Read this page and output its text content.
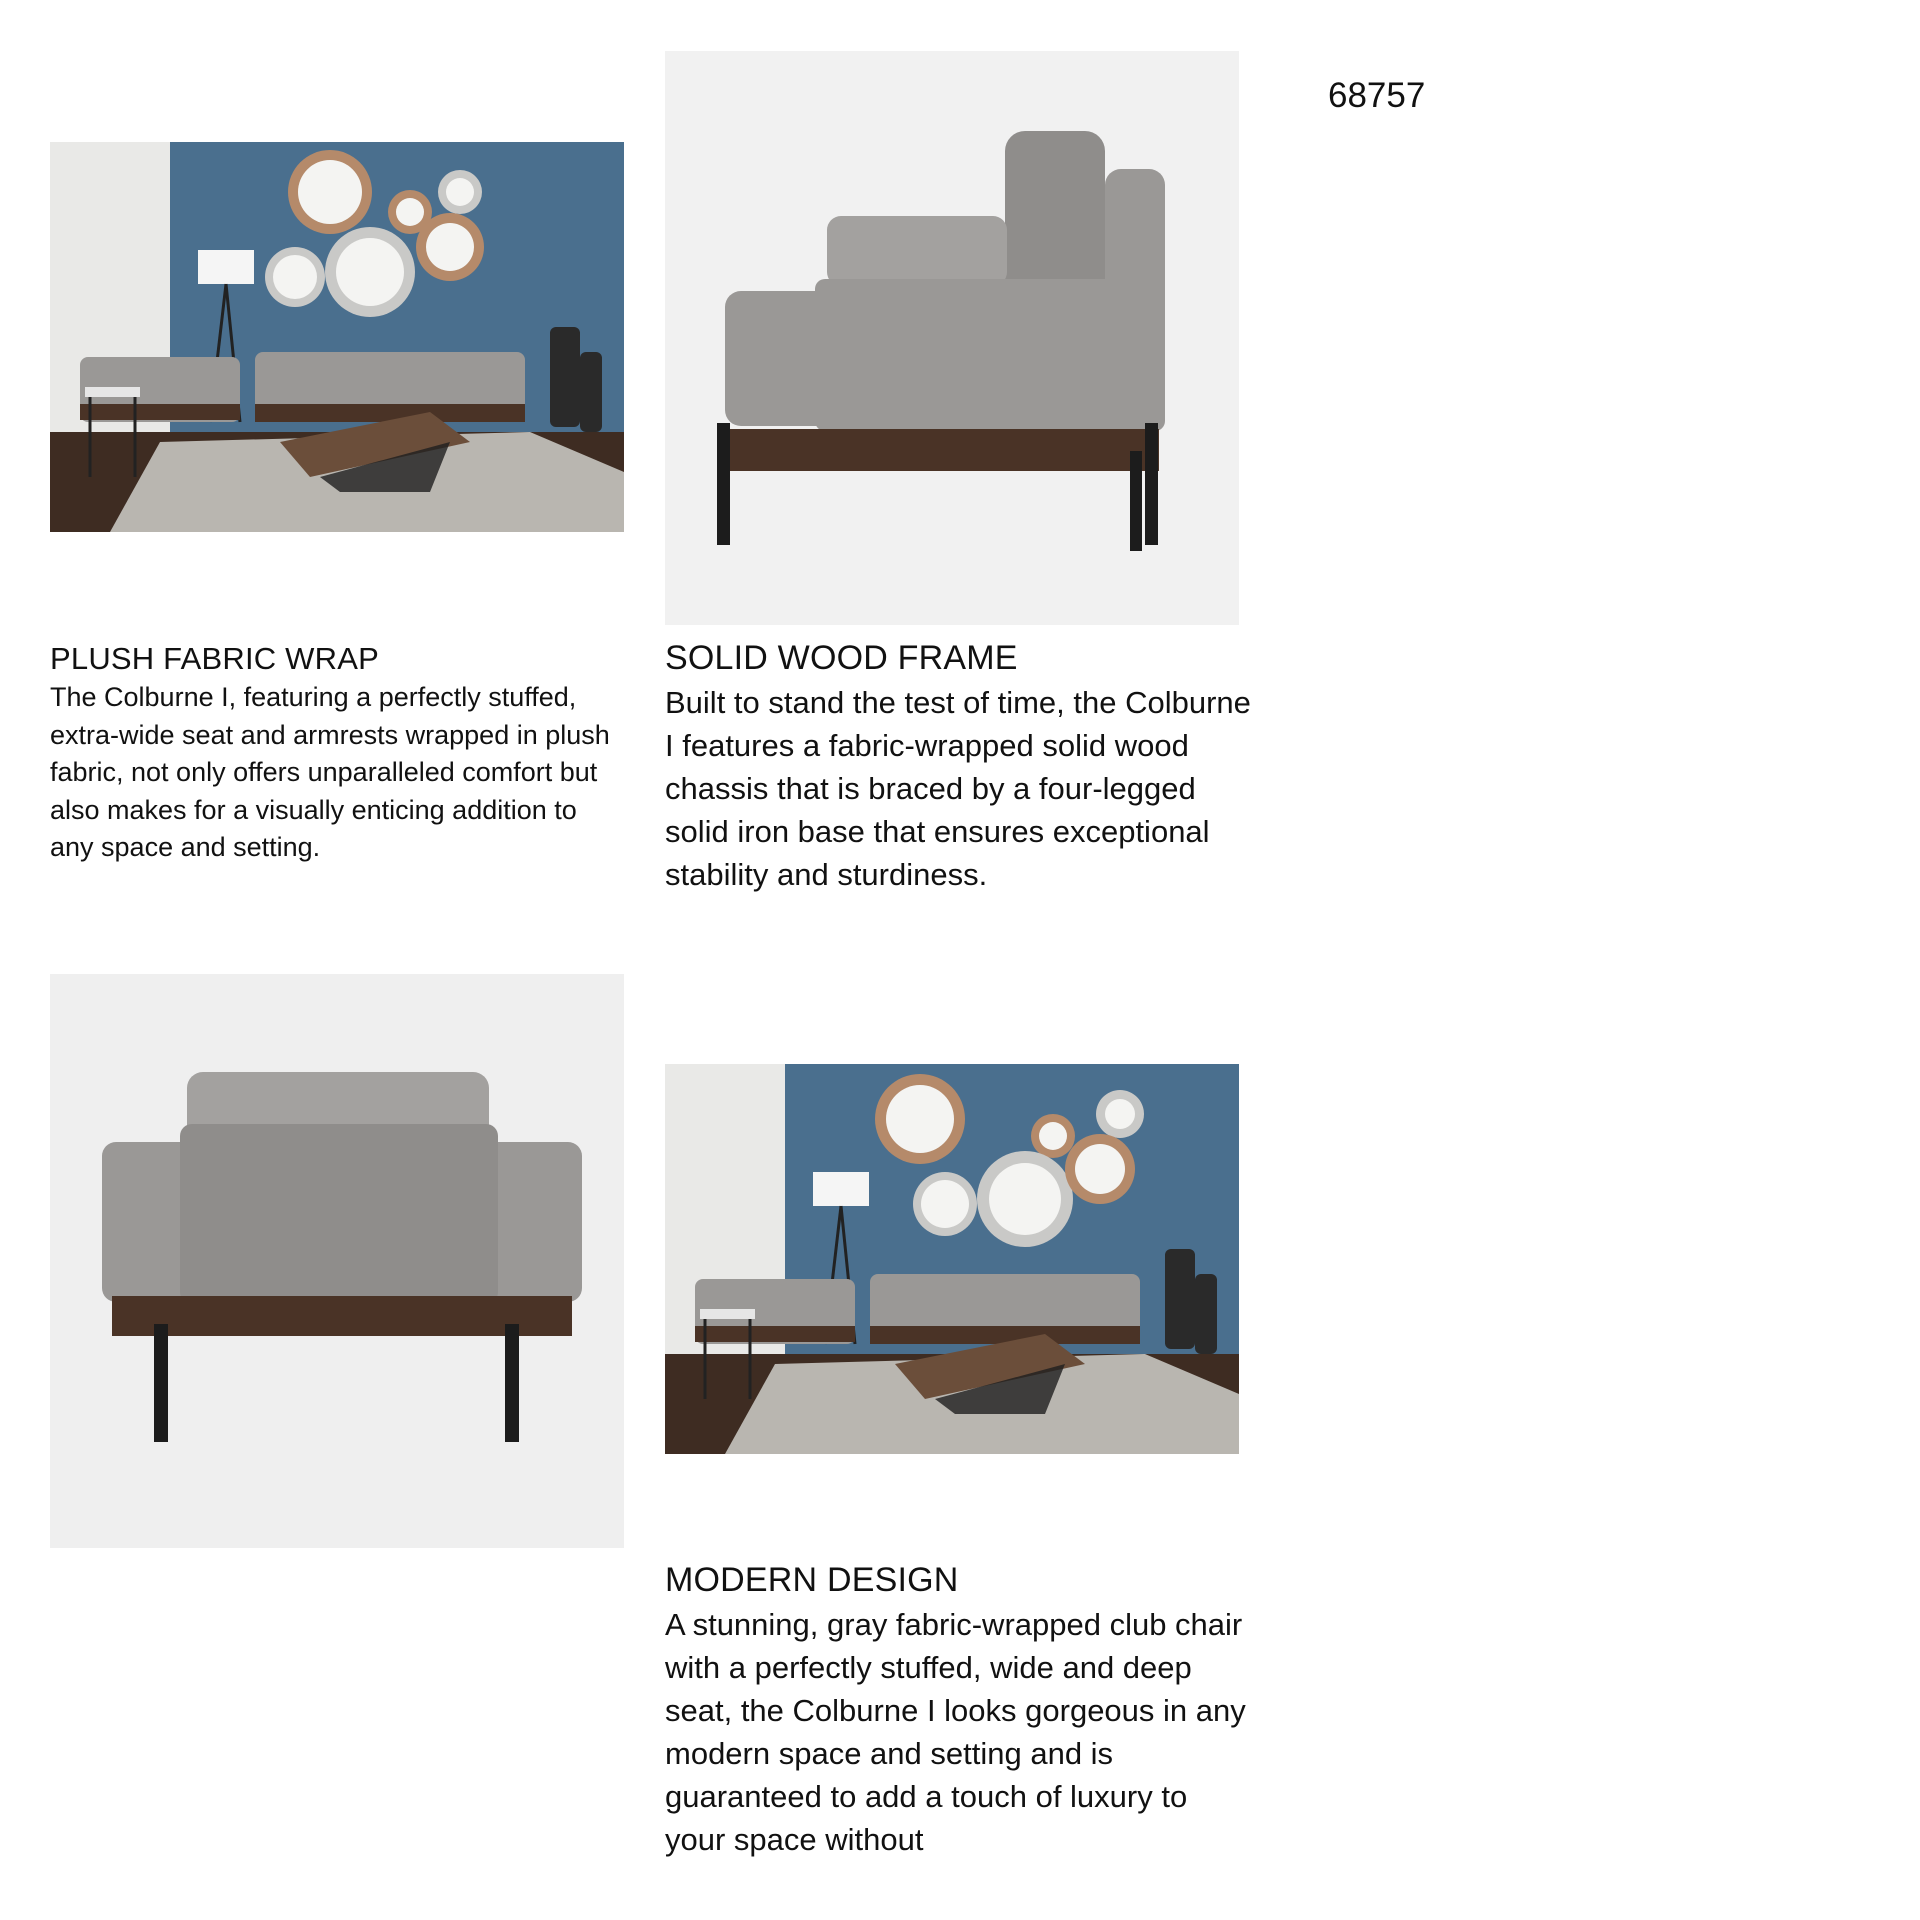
68757
PLUSH FABRIC WRAP

The Colburne I, featuring a perfectly stuffed, extra-wide seat and armrests wrapped in plush fabric, not only offers unparalleled comfort but also makes for a visually enticing addition to any space and setting.

SOLID WOOD FRAME

Built to stand the test of time, the Colburne I features a fabric-wrapped solid wood chassis that is braced by a four-legged solid iron base that ensures exceptional stability and sturdiness.

MODERN DESIGN

A stunning, gray fabric-wrapped club chair with a perfectly stuffed, wide and deep seat, the Colburne I looks gorgeous in any modern space and setting and is guaranteed to add a touch of luxury to your space without
